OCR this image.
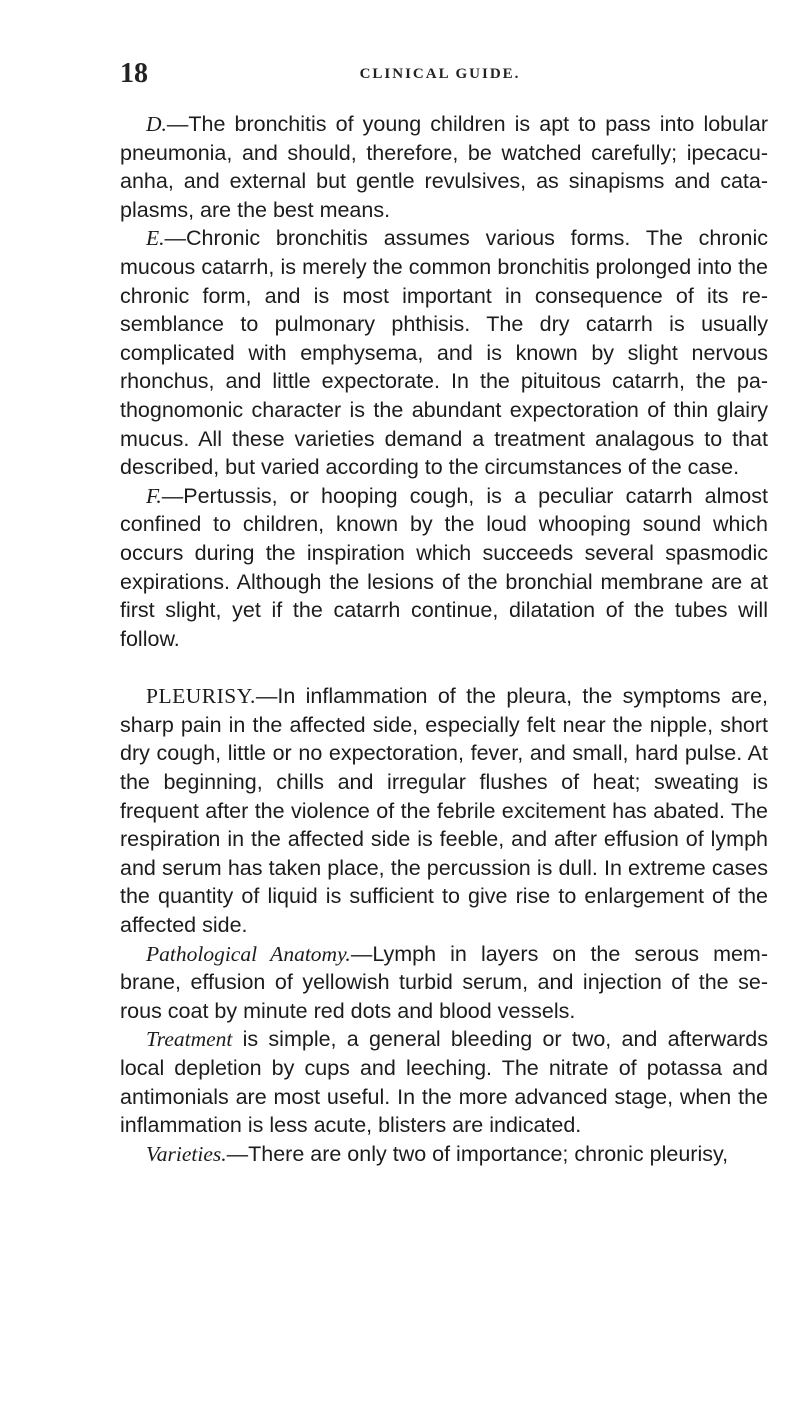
18	CLINICAL GUIDE.

D.—The bronchitis of young children is apt to pass into lobular pneumonia, and should, therefore, be watched carefully; ipecacu-anha, and external but gentle revulsives, as sinapisms and cata-plasms, are the best means.

E.—Chronic bronchitis assumes various forms. The chronic mucous catarrh, is merely the common bronchitis prolonged into the chronic form, and is most important in consequence of its re-semblance to pulmonary phthisis. The dry catarrh is usually complicated with emphysema, and is known by slight nervous rhonchus, and little expectorate. In the pituitous catarrh, the pa-thognomonic character is the abundant expectoration of thin glairy mucus. All these varieties demand a treatment analagous to that described, but varied according to the circumstances of the case.

F.—Pertussis, or hooping cough, is a peculiar catarrh almost confined to children, known by the loud whooping sound which occurs during the inspiration which succeeds several spasmodic expirations. Although the lesions of the bronchial membrane are at first slight, yet if the catarrh continue, dilatation of the tubes will follow.

PLEURISY.—In inflammation of the pleura, the symptoms are, sharp pain in the affected side, especially felt near the nipple, short dry cough, little or no expectoration, fever, and small, hard pulse. At the beginning, chills and irregular flushes of heat; sweating is frequent after the violence of the febrile excitement has abated. The respiration in the affected side is feeble, and after effusion of lymph and serum has taken place, the percussion is dull. In extreme cases the quantity of liquid is sufficient to give rise to enlargement of the affected side.

Pathological Anatomy.—Lymph in layers on the serous mem-brane, effusion of yellowish turbid serum, and injection of the se-rous coat by minute red dots and blood vessels.

Treatment is simple, a general bleeding or two, and afterwards local depletion by cups and leeching. The nitrate of potassa and antimonials are most useful. In the more advanced stage, when the inflammation is less acute, blisters are indicated.

Varieties.—There are only two of importance; chronic pleurisy,
